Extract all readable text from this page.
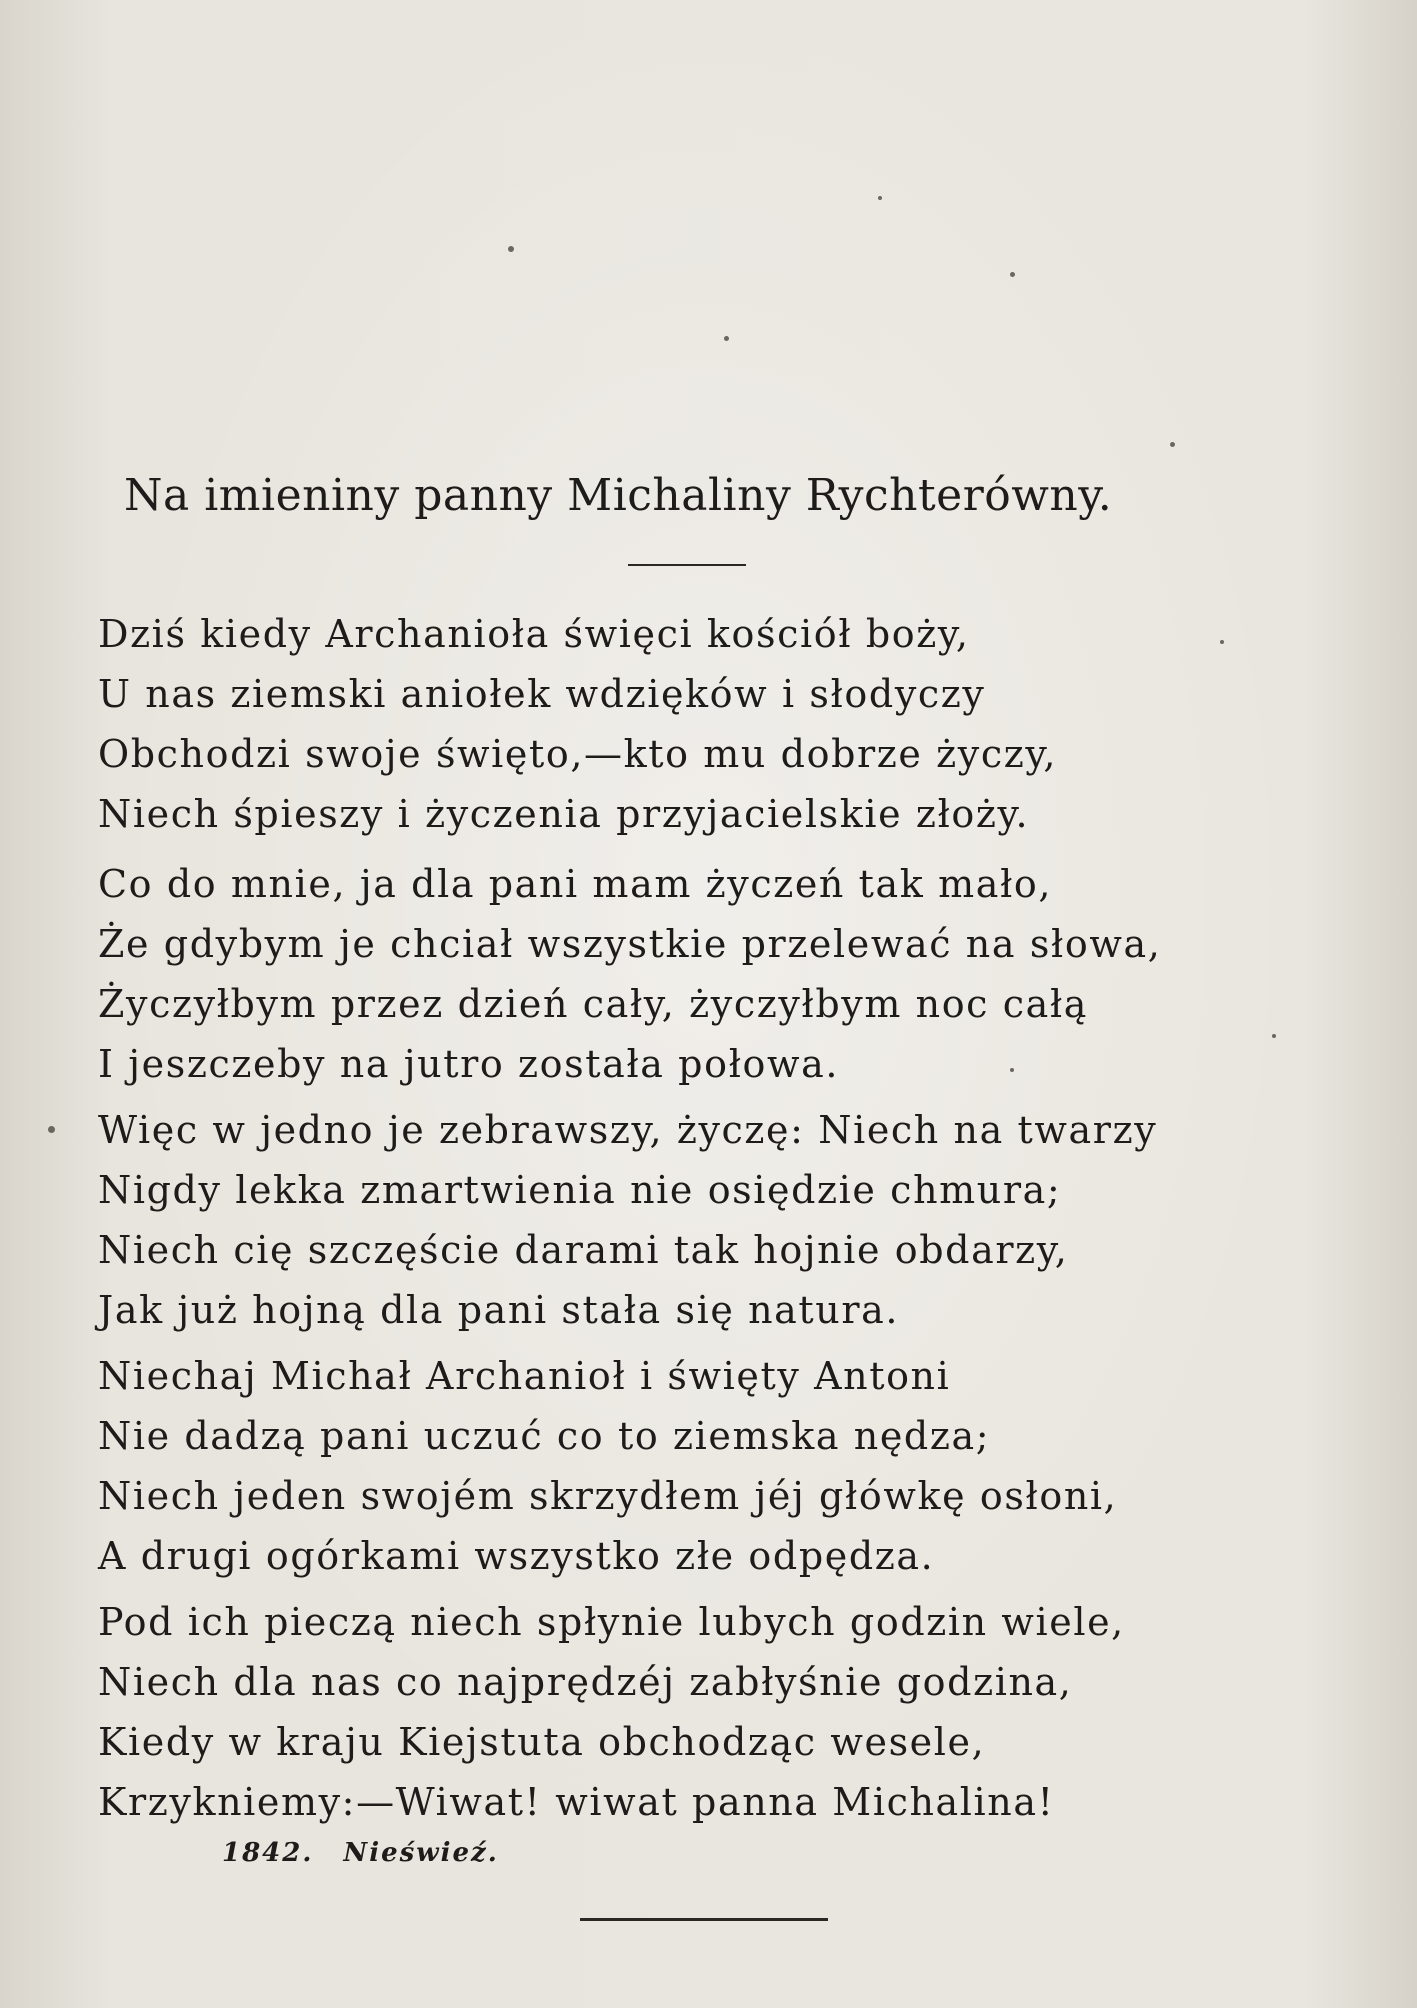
Na imieniny panny Michaliny Rychterówny.
Dziś kiedy Archanioła święci kościół boży,
U nas ziemski aniołek wdzięków i słodyczy
Obchodzi swoje święto,—kto mu dobrze życzy,
Niech śpieszy i życzenia przyjacielskie złoży.
Co do mnie, ja dla pani mam życzeń tak mało,
Że gdybym je chciał wszystkie przelewać na słowa,
Życzyłbym przez dzień cały, życzyłbym noc całą
I jeszczeby na jutro została połowa.
Więc w jedno je zebrawszy, życzę: Niech na twarzy
Nigdy lekka zmartwienia nie osiędzie chmura;
Niech cię szczęście darami tak hojnie obdarzy,
Jak już hojną dla pani stała się natura.
Niechaj Michał Archanioł i święty Antoni
Nie dadzą pani uczuć co to ziemska nędza;
Niech jeden swojém skrzydłem jéj główkę osłoni,
A drugi ogórkami wszystko złe odpędza.
Pod ich pieczą niech spłynie lubych godzin wiele,
Niech dla nas co najprędzéj zabłyśnie godzina,
Kiedy w kraju Kiejstuta obchodząc wesele,
Krzykniemy:—Wiwat! wiwat panna Michalina!
1842. Nieświeź.
